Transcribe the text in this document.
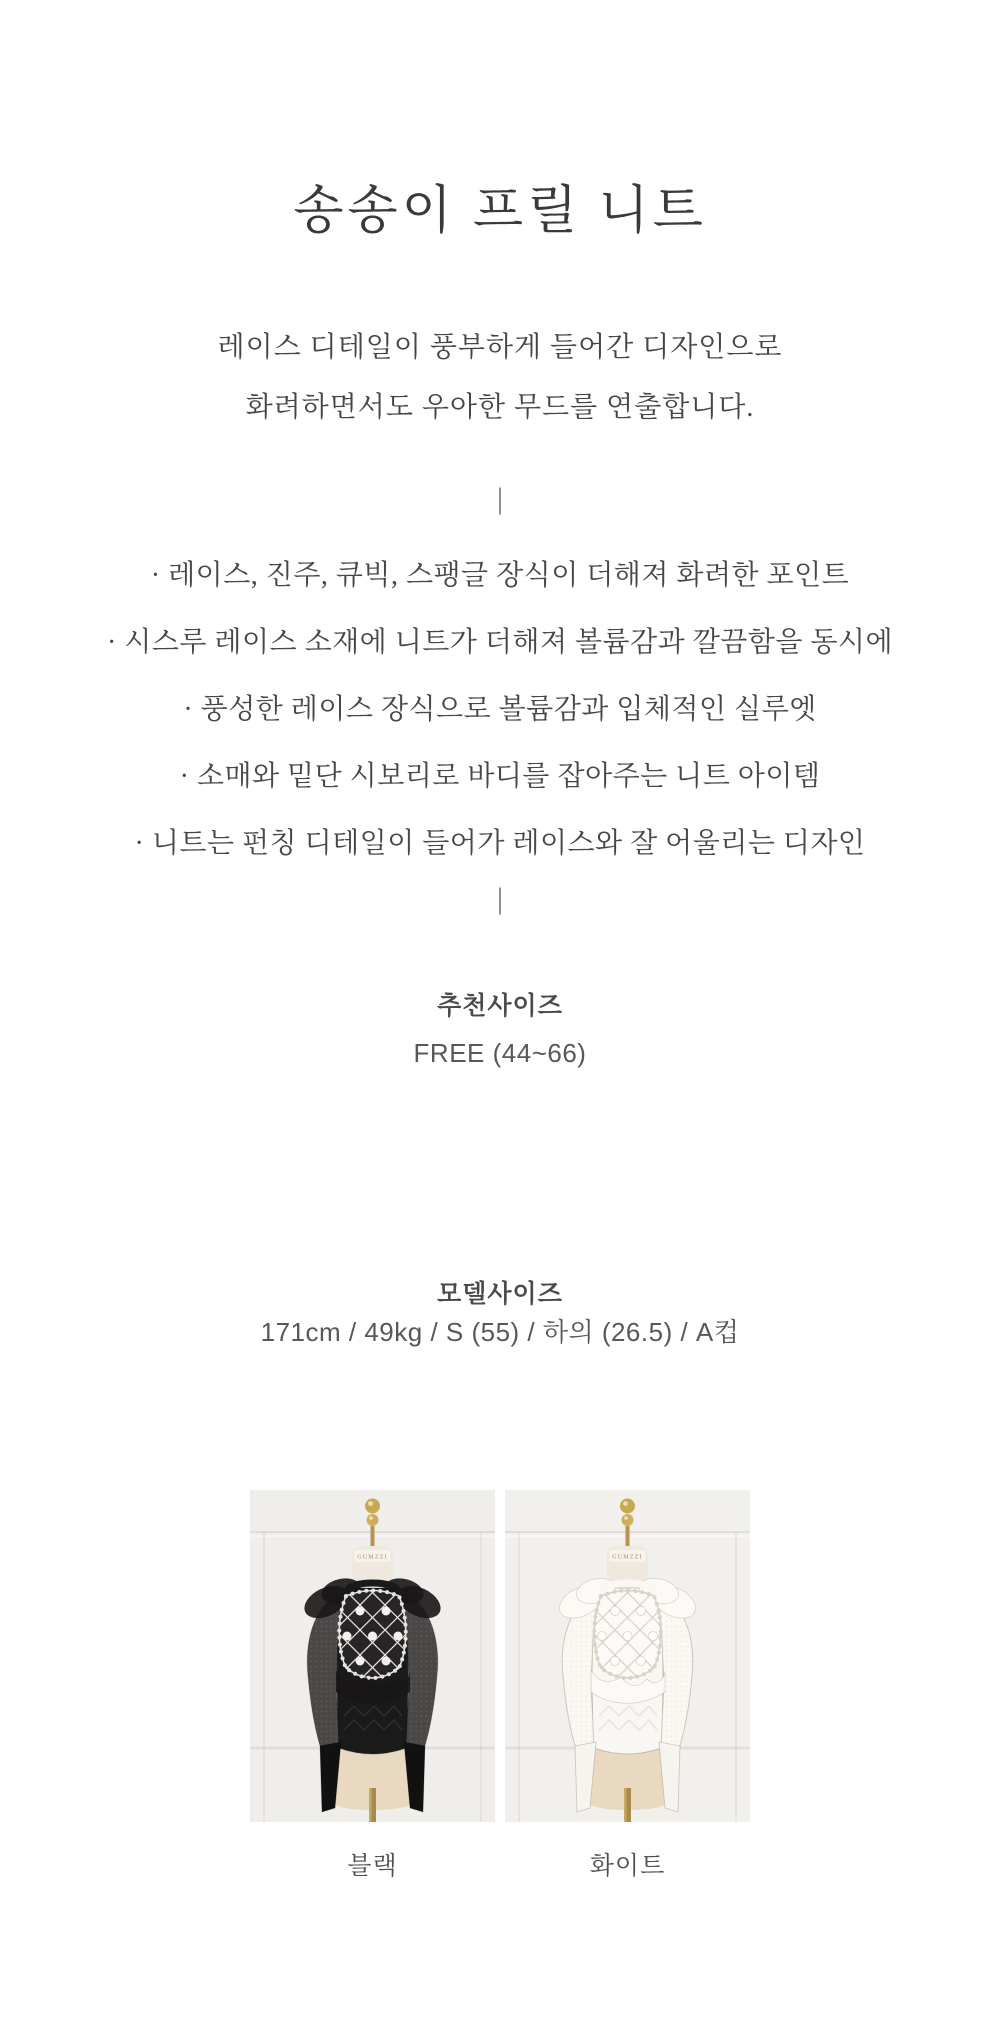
송송이 프릴 니트
레이스 디테일이 풍부하게 들어간 디자인으로
화려하면서도 우아한 무드를 연출합니다.
|
· 레이스, 진주, 큐빅, 스팽글 장식이 더해져 화려한 포인트
· 시스루 레이스 소재에 니트가 더해져 볼륨감과 깔끔함을 동시에
· 풍성한 레이스 장식으로 볼륨감과 입체적인 실루엣
· 소매와 밑단 시보리로 바디를 잡아주는 니트 아이템
· 니트는 펀칭 디테일이 들어가 레이스와 잘 어울리는 디자인
|
추천사이즈
FREE (44~66)
모델사이즈
171cm / 49kg / S (55) / 하의 (26.5) / A컵
GUMZZI
블랙
GUMZZI
화이트
